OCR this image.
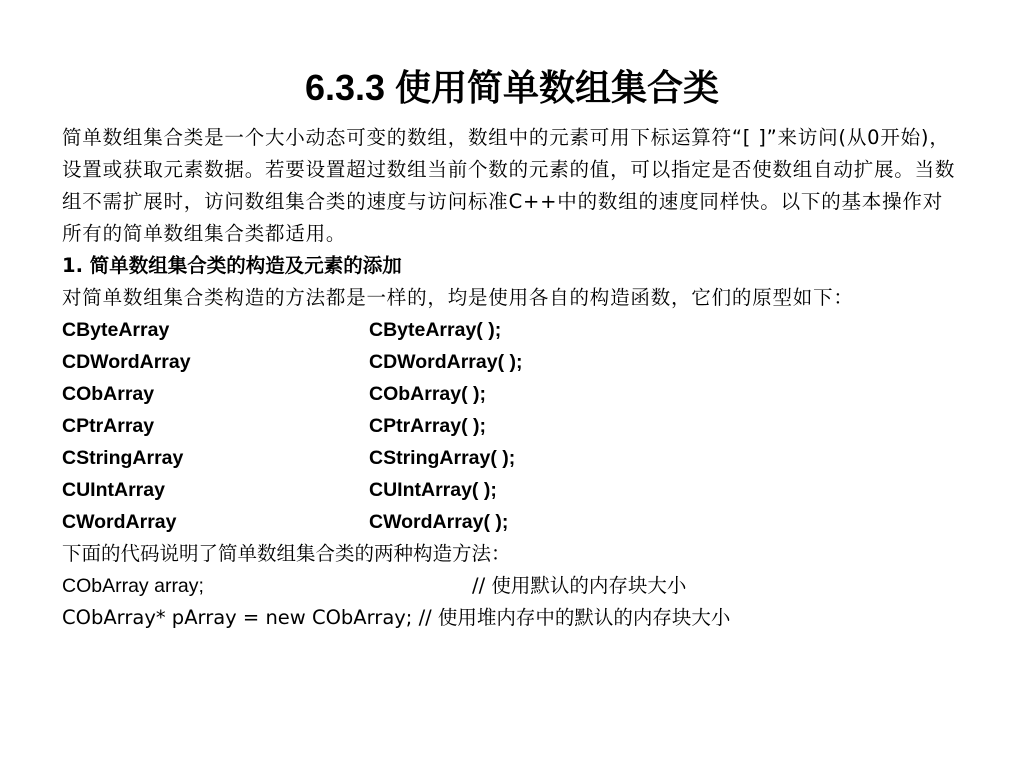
6.3.3 使用简单数组集合类
简单数组集合类是一个大小动态可变的数组，数组中的元素可用下标运算符“[ ]”来访问(从0开始)，设置或获取元素数据。若要设置超过数组当前个数的元素的值，可以指定是否使数组自动扩展。当数组不需扩展时，访问数组集合类的速度与访问标准C++中的数组的速度同样快。以下的基本操作对所有的简单数组集合类都适用。
1. 简单数组集合类的构造及元素的添加
对简单数组集合类构造的方法都是一样的，均是使用各自的构造函数，它们的原型如下：
CByteArray	CByteArray( );
CDWordArray	CDWordArray( );
CObArray	CObArray( );
CPtrArray	CPtrArray( );
CStringArray	CStringArray( );
CUIntArray	CUIntArray( );
CWordArray	CWordArray( );
下面的代码说明了简单数组集合类的两种构造方法：
CObArray array;	// 使用默认的内存块大小
CObArray* pArray = new CObArray; // 使用堆内存中的默认的内存块大小
